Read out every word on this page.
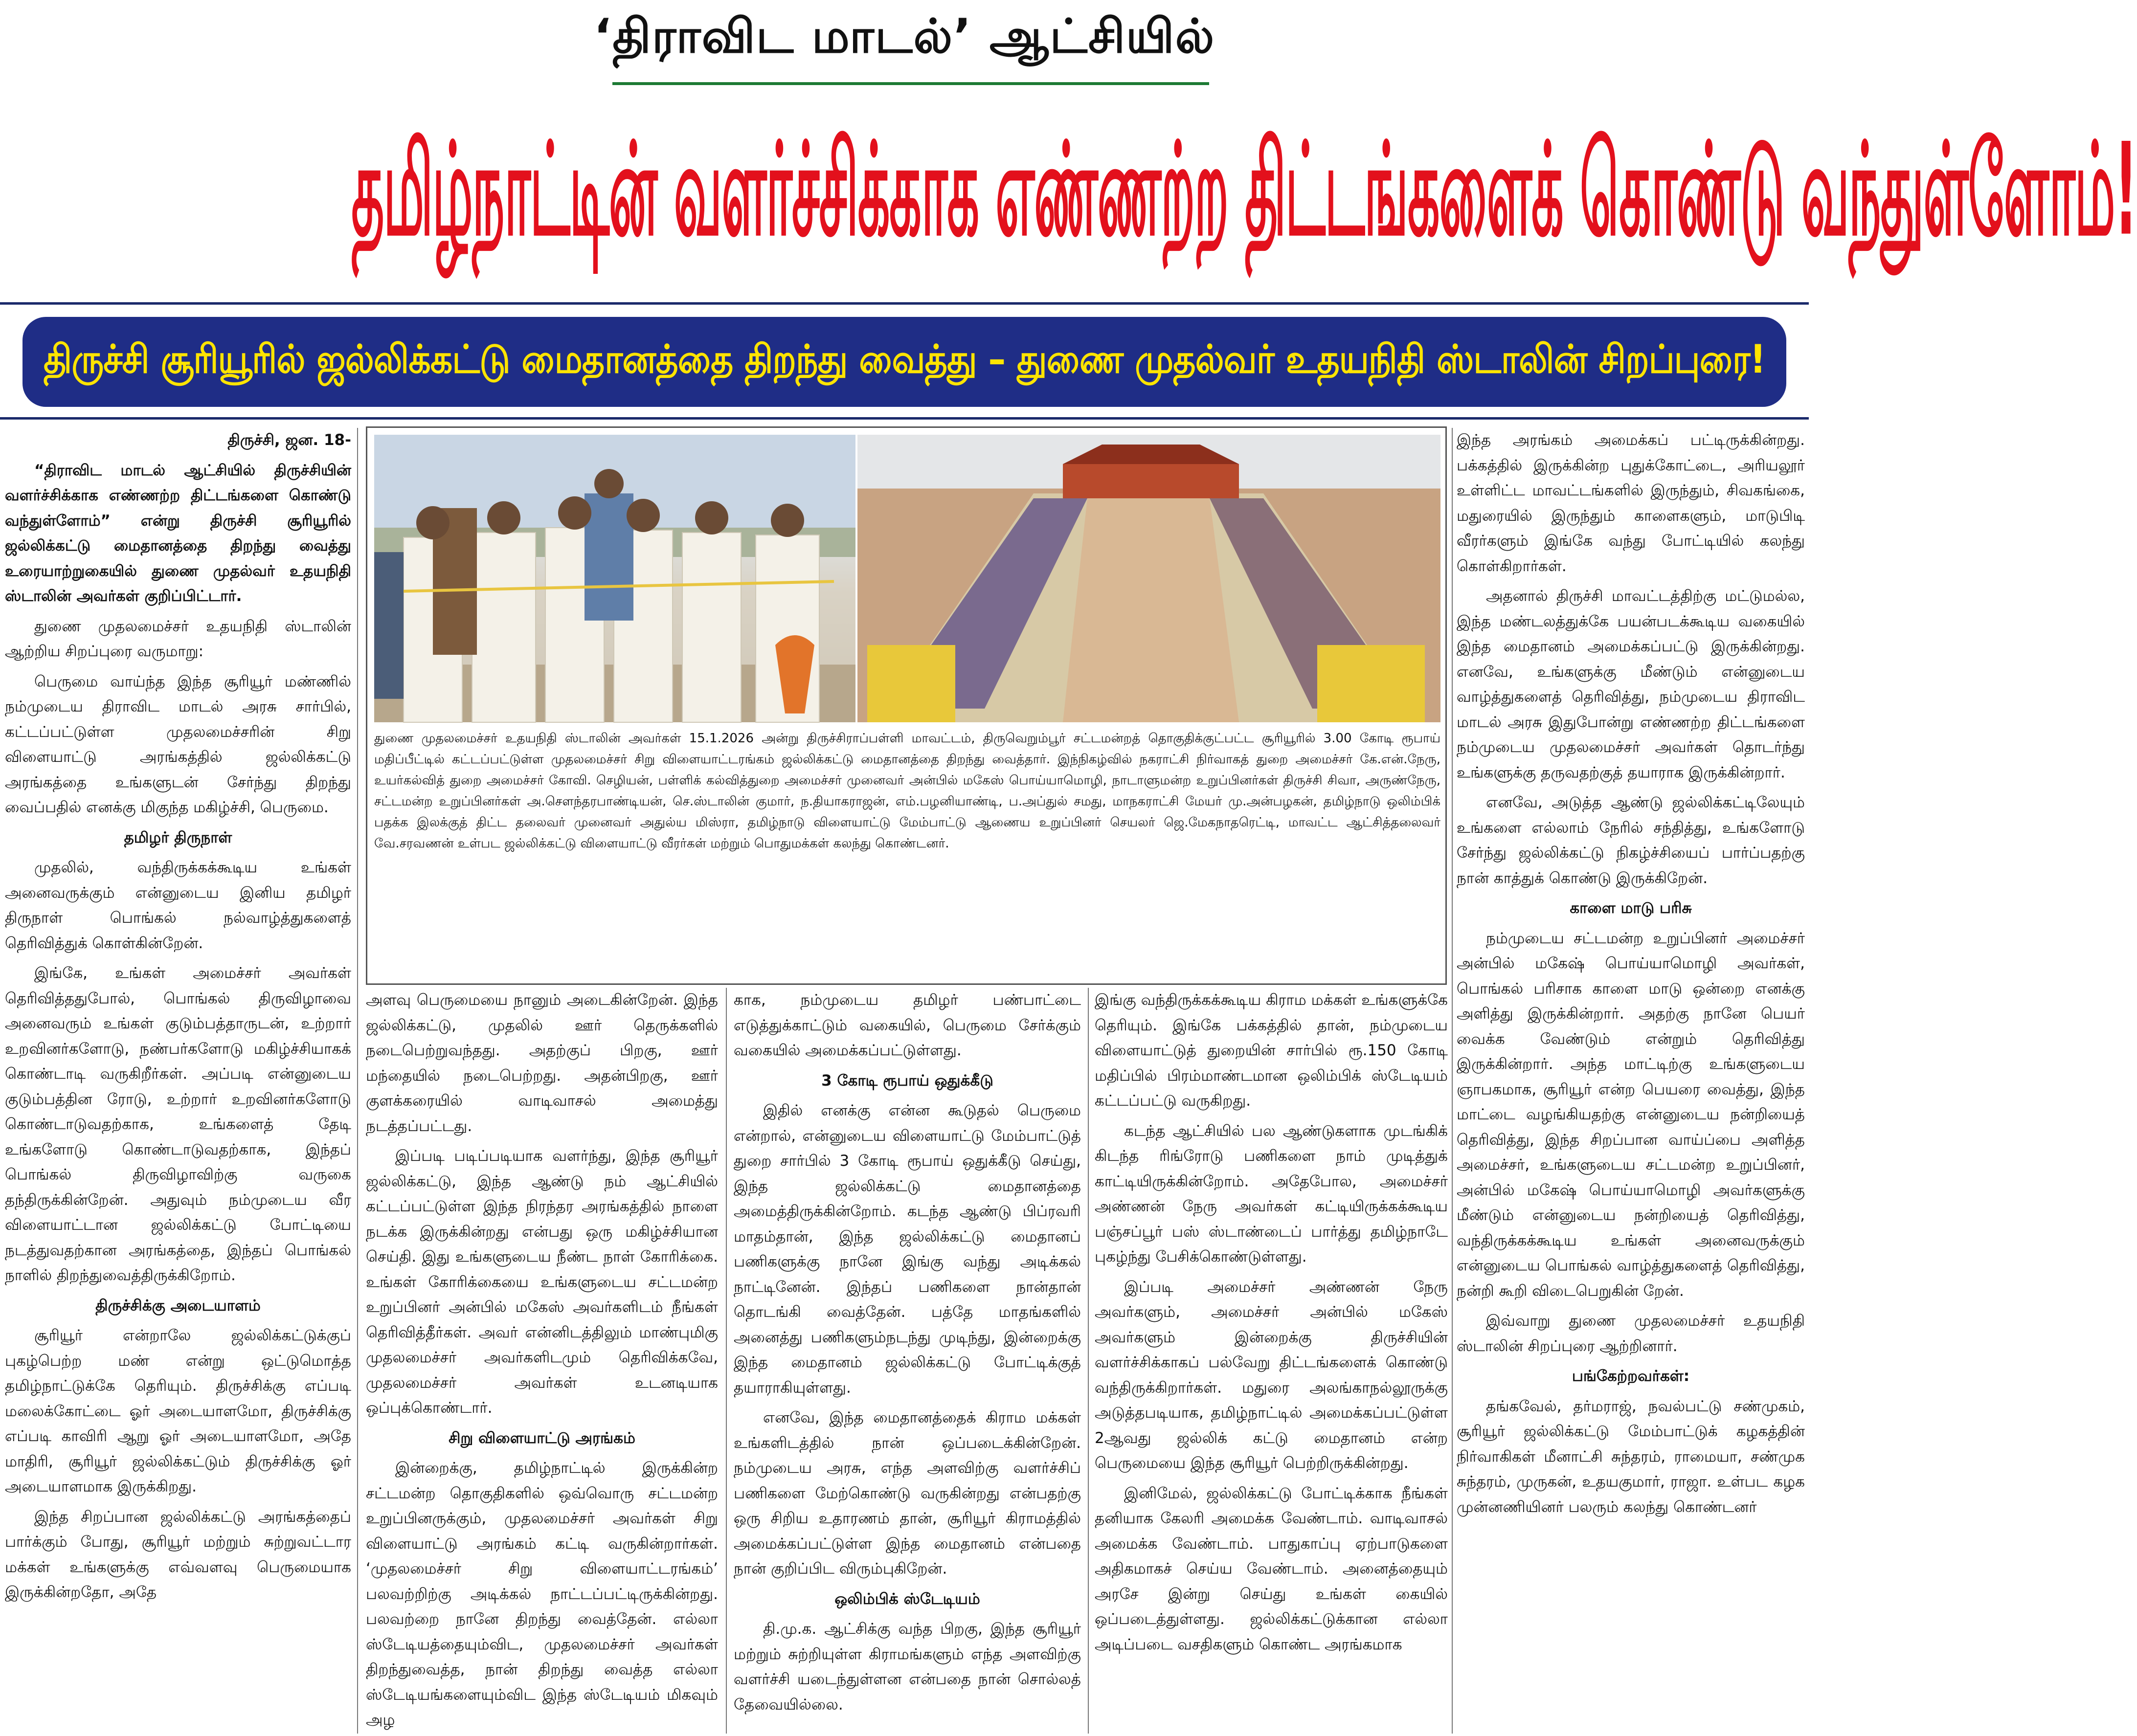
‘திராவிட மாடல்’ ஆட்சியில்
தமிழ்நாட்டின் வளர்ச்சிக்காக எண்ணற்ற திட்டங்களைக் கொண்டு வந்துள்ளோம்!
திருச்சி சூரியூரில் ஜல்லிக்கட்டு மைதானத்தை திறந்து வைத்து – துணை முதல்வர் உதயநிதி ஸ்டாலின் சிறப்புரை!

திருச்சி, ஜன. 18-

“திராவிட மாடல் ஆட்சியில் திருச்சியின் வளர்ச்சிக்காக எண்ணற்ற திட்டங்களை கொண்டு வந்துள்ளோம்” என்று திருச்சி சூரியூரில் ஜல்லிக்கட்டு மைதானத்தை திறந்து வைத்து உரையாற்றுகையில் துணை முதல்வர் உதயநிதி ஸ்டாலின் அவர்கள் குறிப்பிட்டார்.

துணை முதலமைச்சர் உதயநிதி ஸ்டாலின் ஆற்றிய சிறப்புரை வருமாறு:

பெருமை வாய்ந்த இந்த சூரியூர் மண்ணில் நம்முடைய திராவிட மாடல் அரசு சார்பில், கட்டப்பட்டுள்ள முதலமைச்சரின் சிறு விளையாட்டு அரங்கத்தில் ஜல்லிக்கட்டு அரங்கத்தை உங்களுடன் சேர்ந்து திறந்து வைப்பதில் எனக்கு மிகுந்த மகிழ்ச்சி, பெருமை.

தமிழர் திருநாள்

முதலில், வந்திருக்கக்கூடிய உங்கள் அனைவருக்கும் என்னுடைய இனிய தமிழர் திருநாள் பொங்கல் நல்வாழ்த்துகளைத் தெரிவித்துக் கொள்கின்றேன்.

இங்கே, உங்கள் அமைச்சர் அவர்கள் தெரிவித்ததுபோல், பொங்கல் திருவிழாவை அனைவரும் உங்கள் குடும்பத்தாருடன், உற்றார் உறவினர்களோடு, நண்பர்களோடு மகிழ்ச்சியாகக் கொண்டாடி வருகிறீர்கள். அப்படி என்னுடைய குடும்பத்தின ரோடு, உற்றார் உறவினர்களோடு கொண்டாடுவதற்காக, உங்களைத் தேடி உங்களோடு கொண்டாடுவதற்காக, இந்தப் பொங்கல் திருவிழாவிற்கு வருகை தந்திருக்கின்றேன். அதுவும் நம்முடைய வீர விளையாட்டான ஜல்லிக்கட்டு போட்டியை நடத்துவதற்கான அரங்கத்தை, இந்தப் பொங்கல் நாளில் திறந்துவைத்திருக்கிறோம்.

திருச்சிக்கு அடையாளம்

சூரியூர் என்றாலே ஜல்லிக்கட்டுக்குப் புகழ்பெற்ற மண் என்று ஒட்டுமொத்த தமிழ்நாட்டுக்கே தெரியும். திருச்சிக்கு எப்படி மலைக்கோட்டை ஓர் அடையாளமோ, திருச்சிக்கு எப்படி காவிரி ஆறு ஓர் அடையாளமோ, அதே மாதிரி, சூரியூர் ஜல்லிக்கட்டும் திருச்சிக்கு ஓர் அடையாளமாக இருக்கிறது.

இந்த சிறப்பான ஜல்லிக்கட்டு அரங்கத்தைப் பார்க்கும் போது, சூரியூர் மற்றும் சுற்றுவட்டார மக்கள் உங்களுக்கு எவ்வளவு பெருமையாக இருக்கின்றதோ, அதே

துணை முதலமைச்சர் உதயநிதி ஸ்டாலின் அவர்கள் 15.1.2026 அன்று திருச்சிராப்பள்ளி மாவட்டம், திருவெறும்பூர் சட்டமன்றத் தொகுதிக்குட்பட்ட சூரியூரில் 3.00 கோடி ரூபாய் மதிப்பீட்டில் கட்டப்பட்டுள்ள முதலமைச்சர் சிறு விளையாட்டரங்கம் ஜல்லிக்கட்டு மைதானத்தை திறந்து வைத்தார். இந்நிகழ்வில் நகராட்சி நிர்வாகத் துறை அமைச்சர் கே.என்.நேரு, உயர்கல்வித் துறை அமைச்சர் கோவி. செழியன், பள்ளிக் கல்வித்துறை அமைச்சர் முனைவர் அன்பில் மகேஸ் பொய்யாமொழி, நாடாளுமன்ற உறுப்பினர்கள் திருச்சி சிவா, அருண்நேரு, சட்டமன்ற உறுப்பினர்கள் அ.சௌந்தரபாண்டியன், செ.ஸ்டாலின் குமார், ந.தியாகராஜன், எம்.பழனியாண்டி, ப.அப்துல் சமது, மாநகராட்சி மேயர் மு.அன்பழகன், தமிழ்நாடு ஒலிம்பிக் பதக்க இலக்குத் திட்ட தலைவர் முனைவர் அதுல்ய மிஸ்ரா, தமிழ்நாடு விளையாட்டு மேம்பாட்டு ஆணைய உறுப்பினர் செயலர் ஜெ.மேகநாதரெட்டி, மாவட்ட ஆட்சித்தலைவர் வே.சரவணன் உள்பட ஜல்லிக்கட்டு விளையாட்டு வீரர்கள் மற்றும் பொதுமக்கள் கலந்து கொண்டனர்.

அளவு பெருமையை நானும் அடைகின்றேன். இந்த ஜல்லிக்கட்டு, முதலில் ஊர் தெருக்களில் நடைபெற்றுவந்தது. அதற்குப் பிறகு, ஊர் மந்தையில் நடைபெற்றது. அதன்பிறகு, ஊர் குளக்கரையில் வாடிவாசல் அமைத்து நடத்தப்பட்டது.

இப்படி படிப்படியாக வளர்ந்து, இந்த சூரியூர் ஜல்லிக்கட்டு, இந்த ஆண்டு நம் ஆட்சியில் கட்டப்பட்டுள்ள இந்த நிரந்தர அரங்கத்தில் நாளை நடக்க இருக்கின்றது என்பது ஒரு மகிழ்ச்சியான செய்தி. இது உங்களுடைய நீண்ட நாள் கோரிக்கை. உங்கள் கோரிக்கையை உங்களுடைய சட்டமன்ற உறுப்பினர் அன்பில் மகேஸ் அவர்களிடம் நீங்கள் தெரிவித்தீர்கள். அவர் என்னிடத்திலும் மாண்புமிகு முதலமைச்சர் அவர்களிடமும் தெரிவிக்கவே, முதலமைச்சர் அவர்கள் உடனடியாக ஒப்புக்கொண்டார்.

சிறு விளையாட்டு அரங்கம்

இன்றைக்கு, தமிழ்நாட்டில் இருக்கின்ற சட்டமன்ற தொகுதிகளில் ஒவ்வொரு சட்டமன்ற உறுப்பினருக்கும், முதலமைச்சர் அவர்கள் சிறு விளையாட்டு அரங்கம் கட்டி வருகின்றார்கள். ‘முதலமைச்சர் சிறு விளையாட்டரங்கம்’ பலவற்றிற்கு அடிக்கல் நாட்டப்பட்டிருக்கின்றது. பலவற்றை நானே திறந்து வைத்தேன். எல்லா ஸ்டேடியத்தையும்விட, முதலமைச்சர் அவர்கள் திறந்துவைத்த, நான் திறந்து வைத்த எல்லா ஸ்டேடியங்களையும்விட இந்த ஸ்டேடியம் மிகவும் அழ

காக, நம்முடைய தமிழர் பண்பாட்டை எடுத்துக்காட்டும் வகையில், பெருமை சேர்க்கும் வகையில் அமைக்கப்பட்டுள்ளது.

3 கோடி ரூபாய் ஒதுக்கீடு

இதில் எனக்கு என்ன கூடுதல் பெருமை என்றால், என்னுடைய விளையாட்டு மேம்பாட்டுத் துறை சார்பில் 3 கோடி ரூபாய் ஒதுக்கீடு செய்து, இந்த ஜல்லிக்கட்டு மைதானத்தை அமைத்திருக்கின்றோம். கடந்த ஆண்டு பிப்ரவரி மாதம்தான், இந்த ஜல்லிக்கட்டு மைதானப் பணிகளுக்கு நானே இங்கு வந்து அடிக்கல் நாட்டினேன். இந்தப் பணிகளை நான்தான் தொடங்கி வைத்தேன். பத்தே மாதங்களில் அனைத்து பணிகளும்நடந்து முடிந்து, இன்றைக்கு இந்த மைதானம் ஜல்லிக்கட்டு போட்டிக்குத் தயாராகியுள்ளது.

எனவே, இந்த மைதானத்தைக் கிராம மக்கள் உங்களிடத்தில் நான் ஒப்படைக்கின்றேன். நம்முடைய அரசு, எந்த அளவிற்கு வளர்ச்சிப் பணிகளை மேற்கொண்டு வருகின்றது என்பதற்கு ஒரு சிறிய உதாரணம் தான், சூரியூர் கிராமத்தில் அமைக்கப்பட்டுள்ள இந்த மைதானம் என்பதை நான் குறிப்பிட விரும்புகிறேன்.

ஒலிம்பிக் ஸ்டேடியம்

தி.மு.க. ஆட்சிக்கு வந்த பிறகு, இந்த சூரியூர் மற்றும் சுற்றியுள்ள கிராமங்களும் எந்த அளவிற்கு வளர்ச்சி யடைந்துள்ளன என்பதை நான் சொல்லத் தேவையில்லை.

இங்கு வந்திருக்கக்கூடிய கிராம மக்கள் உங்களுக்கே தெரியும். இங்கே பக்கத்தில் தான், நம்முடைய விளையாட்டுத் துறையின் சார்பில் ரூ.150 கோடி மதிப்பில் பிரம்மாண்டமான ஒலிம்பிக் ஸ்டேடியம் கட்டப்பட்டு வருகிறது.

கடந்த ஆட்சியில் பல ஆண்டுகளாக முடங்கிக் கிடந்த ரிங்ரோடு பணிகளை நாம் முடித்துக் காட்டியிருக்கின்றோம். அதேபோல, அமைச்சர் அண்ணன் நேரு அவர்கள் கட்டியிருக்கக்கூடிய பஞ்சப்பூர் பஸ் ஸ்டாண்டைப் பார்த்து தமிழ்நாடே புகழ்ந்து பேசிக்கொண்டுள்ளது.

இப்படி அமைச்சர் அண்ணன் நேரு அவர்களும், அமைச்சர் அன்பில் மகேஸ் அவர்களும் இன்றைக்கு திருச்சியின் வளர்ச்சிக்காகப் பல்வேறு திட்டங்களைக் கொண்டு வந்திருக்கிறார்கள். மதுரை அலங்காநல்லூருக்கு அடுத்தபடியாக, தமிழ்நாட்டில் அமைக்கப்பட்டுள்ள 2ஆவது ஜல்லிக் கட்டு மைதானம் என்ற பெருமையை இந்த சூரியூர் பெற்றிருக்கின்றது.

இனிமேல், ஜல்லிக்கட்டு போட்டிக்காக நீங்கள் தனியாக கேலரி அமைக்க வேண்டாம். வாடிவாசல் அமைக்க வேண்டாம். பாதுகாப்பு ஏற்பாடுகளை அதிகமாகச் செய்ய வேண்டாம். அனைத்தையும் அரசே இன்று செய்து உங்கள் கையில் ஒப்படைத்துள்ளது. ஜல்லிக்கட்டுக்கான எல்லா அடிப்படை வசதிகளும் கொண்ட அரங்கமாக

இந்த அரங்கம் அமைக்கப் பட்டிருக்கின்றது. பக்கத்தில் இருக்கின்ற புதுக்கோட்டை, அரியலூர் உள்ளிட்ட மாவட்டங்களில் இருந்தும், சிவகங்கை, மதுரையில் இருந்தும் காளைகளும், மாடுபிடி வீரர்களும் இங்கே வந்து போட்டியில் கலந்து கொள்கிறார்கள்.

அதனால் திருச்சி மாவட்டத்திற்கு மட்டுமல்ல, இந்த மண்டலத்துக்கே பயன்படக்கூடிய வகையில் இந்த மைதானம் அமைக்கப்பட்டு இருக்கின்றது. எனவே, உங்களுக்கு மீண்டும் என்னுடைய வாழ்த்துகளைத் தெரிவித்து, நம்முடைய திராவிட மாடல் அரசு இதுபோன்று எண்ணற்ற திட்டங்களை நம்முடைய முதலமைச்சர் அவர்கள் தொடர்ந்து உங்களுக்கு தருவதற்குத் தயாராக இருக்கின்றார்.

எனவே, அடுத்த ஆண்டு ஜல்லிக்கட்டிலேயும் உங்களை எல்லாம் நேரில் சந்தித்து, உங்களோடு சேர்ந்து ஜல்லிக்கட்டு நிகழ்ச்சியைப் பார்ப்பதற்கு நான் காத்துக் கொண்டு இருக்கிறேன்.

காளை மாடு பரிசு

நம்முடைய சட்டமன்ற உறுப்பினர் அமைச்சர் அன்பில் மகேஷ் பொய்யாமொழி அவர்கள், பொங்கல் பரிசாக காளை மாடு ஒன்றை எனக்கு அளித்து இருக்கின்றார். அதற்கு நானே பெயர் வைக்க வேண்டும் என்றும் தெரிவித்து இருக்கின்றார். அந்த மாட்டிற்கு உங்களுடைய ஞாபகமாக, சூரியூர் என்ற பெயரை வைத்து, இந்த மாட்டை வழங்கியதற்கு என்னுடைய நன்றியைத் தெரிவித்து, இந்த சிறப்பான வாய்ப்பை அளித்த அமைச்சர், உங்களுடைய சட்டமன்ற உறுப்பினர், அன்பில் மகேஷ் பொய்யாமொழி அவர்களுக்கு மீண்டும் என்னுடைய நன்றியைத் தெரிவித்து, வந்திருக்கக்கூடிய உங்கள் அனைவருக்கும் என்னுடைய பொங்கல் வாழ்த்துகளைத் தெரிவித்து, நன்றி கூறி விடைபெறுகின் றேன்.

இவ்வாறு துணை முதலமைச்சர் உதயநிதி ஸ்டாலின் சிறப்புரை ஆற்றினார்.

பங்கேற்றவர்கள்:

தங்கவேல், தர்மராஜ், நவல்பட்டு சண்முகம், சூரியூர் ஜல்லிக்கட்டு மேம்பாட்டுக் கழகத்தின் நிர்வாகிகள் மீனாட்சி சுந்தரம், ராமையா, சண்முக சுந்தரம், முருகன், உதயகுமார், ராஜா. உள்பட கழக முன்னணியினர் பலரும் கலந்து கொண்டனர்
